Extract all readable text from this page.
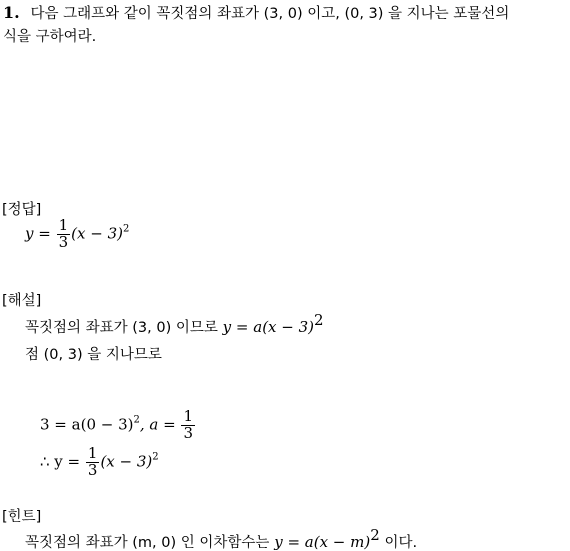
1. 다음 그래프와 같이 꼭짓점의 좌표가 (3, 0) 이고, (0, 3) 을 지나는 포물선의
식을 구하여라.
[정답]
$y = \frac{1}{3} (x - 3)^2$
[해설]
꼭짓점의 좌표가 (3, 0) 이므로 $y = a(x - 3)^2$
점 (0, 3) 을 지나므로
$3 = a(0 - 3)^2$, $a = \frac{1}{3}$
∴ $y = \frac{1}{3} (x - 3)^2$
[힌트]
꼭짓점의 좌표가 (m, 0) 인 이차함수는 $y = a(x - m)^2$ 이다.
